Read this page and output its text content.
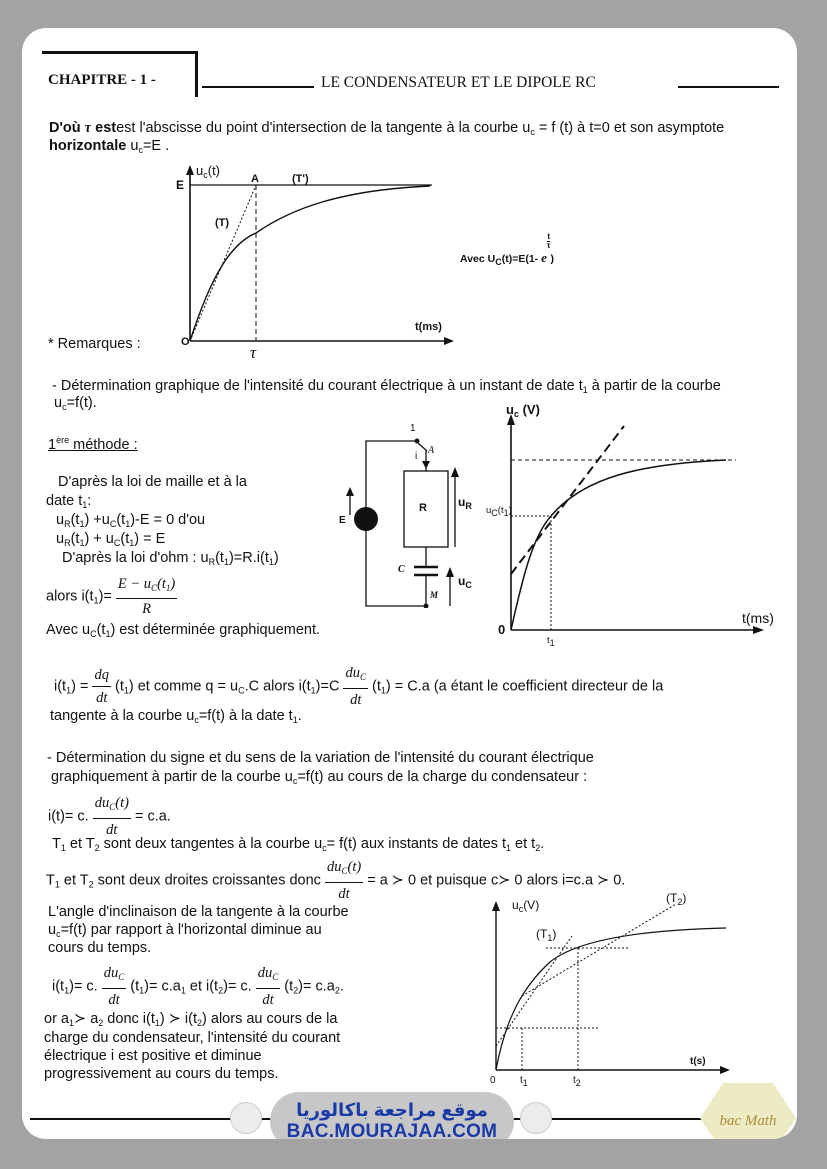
CHAPITRE - 1 -	LE CONDENSATEUR ET LE DIPOLE RC
D'où τ estest l'abscisse du point d'intersection de la tangente à la courbe $u_c = f$ (t) à t=0 et son asymptote
horizontale $u_c=E$ .
$u_c(t)$
E	A	(T')
(T)
O
t(ms)
τ
Avec $U_C(t)=E(1-$ e
$\frac{t}{\tau}$
)
* Remarques :
- Détermination graphique de l'intensité du courant électrique à un instant de date $t_1$ à partir de la courbe
$u_c=f(t)$.
1ère méthode :
D'après la loi de maille et à la
date $t_1$:
$u_R(t_1) +u_C(t_1)-E = 0$ d'ou
$u_R(t_1) + u_C(t_1) = E$
D'après la loi d'ohm : $u_R(t_1)=R.i(t_1)$
alors $i(t_1)= \frac{E - u_C(t_1)}{R}$
Avec $u_C(t_1)$ est déterminée graphiquement.
1
A
i
R	$u_R$
E
C
$u_C$
M
$u_c$ (V)
$u_C(t_1)$
0
$t_1$
t(ms)
$i(t_1) = \frac{dq}{dt} (t_1)$ et comme $q = u_C.C$ alors $i(t_1)=C \frac{du_C}{dt} (t_1) = C.a$ (a étant le coefficient directeur de la
tangente à la courbe $u_c=f(t)$ à la date $t_1$.
- Détermination du signe et du sens de la variation de l'intensité du courant électrique
graphiquement à partir de la courbe $u_c=f(t)$ au cours de la charge du condensateur :
i(t)= c. $\frac{du_C(t)}{dt} = c.a$.
$T_1$ et $T_2$ sont deux tangentes à la courbe $u_c= f(t)$ aux instants de dates $t_1$ et $t_2$.
$T_1$ et $T_2$ sont deux droites croissantes donc $\frac{du_C(t)}{dt} = a$ ≻ 0 et puisque c≻ 0 alors i=c.a ≻ 0.
L'angle d'inclinaison de la tangente à la courbe
$u_c=f(t)$ par rapport à l'horizontal diminue au
cours du temps.
$i(t_1)= c$. $\frac{du_C}{dt} (t_1)= c.a_1$ et $i(t_2)= c$. $\frac{du_C}{dt} (t_2)= c.a_2$.
or $a_1≻$ $a_2$ donc $i(t_1)$ ≻ $i(t_2)$ alors au cours de la
charge du condensateur, l'intensité du courant
électrique i est positive et diminue
progressivement au cours du temps.
$u_c(V)$
$(T_1)$
$(T_2)$
t(s)
0 $t_1$	$t_2$
موقع مراجعة باكالوريا
BAC.MOURAJAA.COM	bac Math
